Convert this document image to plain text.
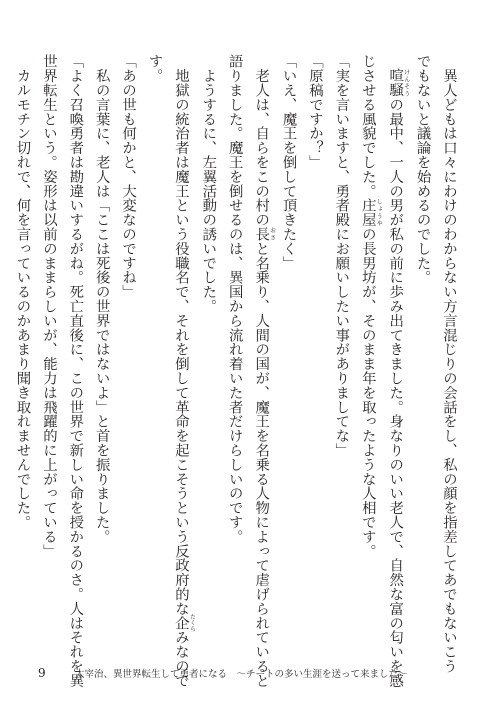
　異人どもは口々にわけのわからない方言混じりの会話をし、私の顔を指差してあでもないこう

でもないと議論を始めるのでした。

　喧騒 けんそうの最中、一人の男が私の前に歩み出てきました。身なりのいい老人で、自然な富の匂いを感

じさせる風貌でした。庄屋 しょうやの長男坊が、そのまま年を取ったような人相です。

「実を言いますと、勇者殿にお願いしたい事がありましてな」

「原稿ですか？」

「いえ、魔王を倒して頂きたく」

　老人は、自らをこの村の長 おさと名乗り、人間の国が、魔王を名乗る人物によって虐げられていると

語りました。魔王を倒せるのは、異国から流れ着いた者だけらしいのです。

　ようするに、左翼活動の誘いでした。

　地獄の統治者は魔王という役職名で、それを倒して革命を起こそうという反政府的な企 たくらみなので

す。

「あの世も何かと、大変なのですね」

　私の言葉に、老人は「ここは死後の世界ではないよ」と首を振りました。

「よく召喚勇者は勘違いするがね。死亡直後に、この世界で新しい命を授かるのさ。人はそれを異

世界転生という。姿形は以前のままらしいが、能力は飛躍的に上がっている」

　カルモチン切れで、何を言っているのかあまり聞き取れませんでした。

9	太宰治、異世界転生して勇者になる　～チートの多い生涯を送って来ました～
